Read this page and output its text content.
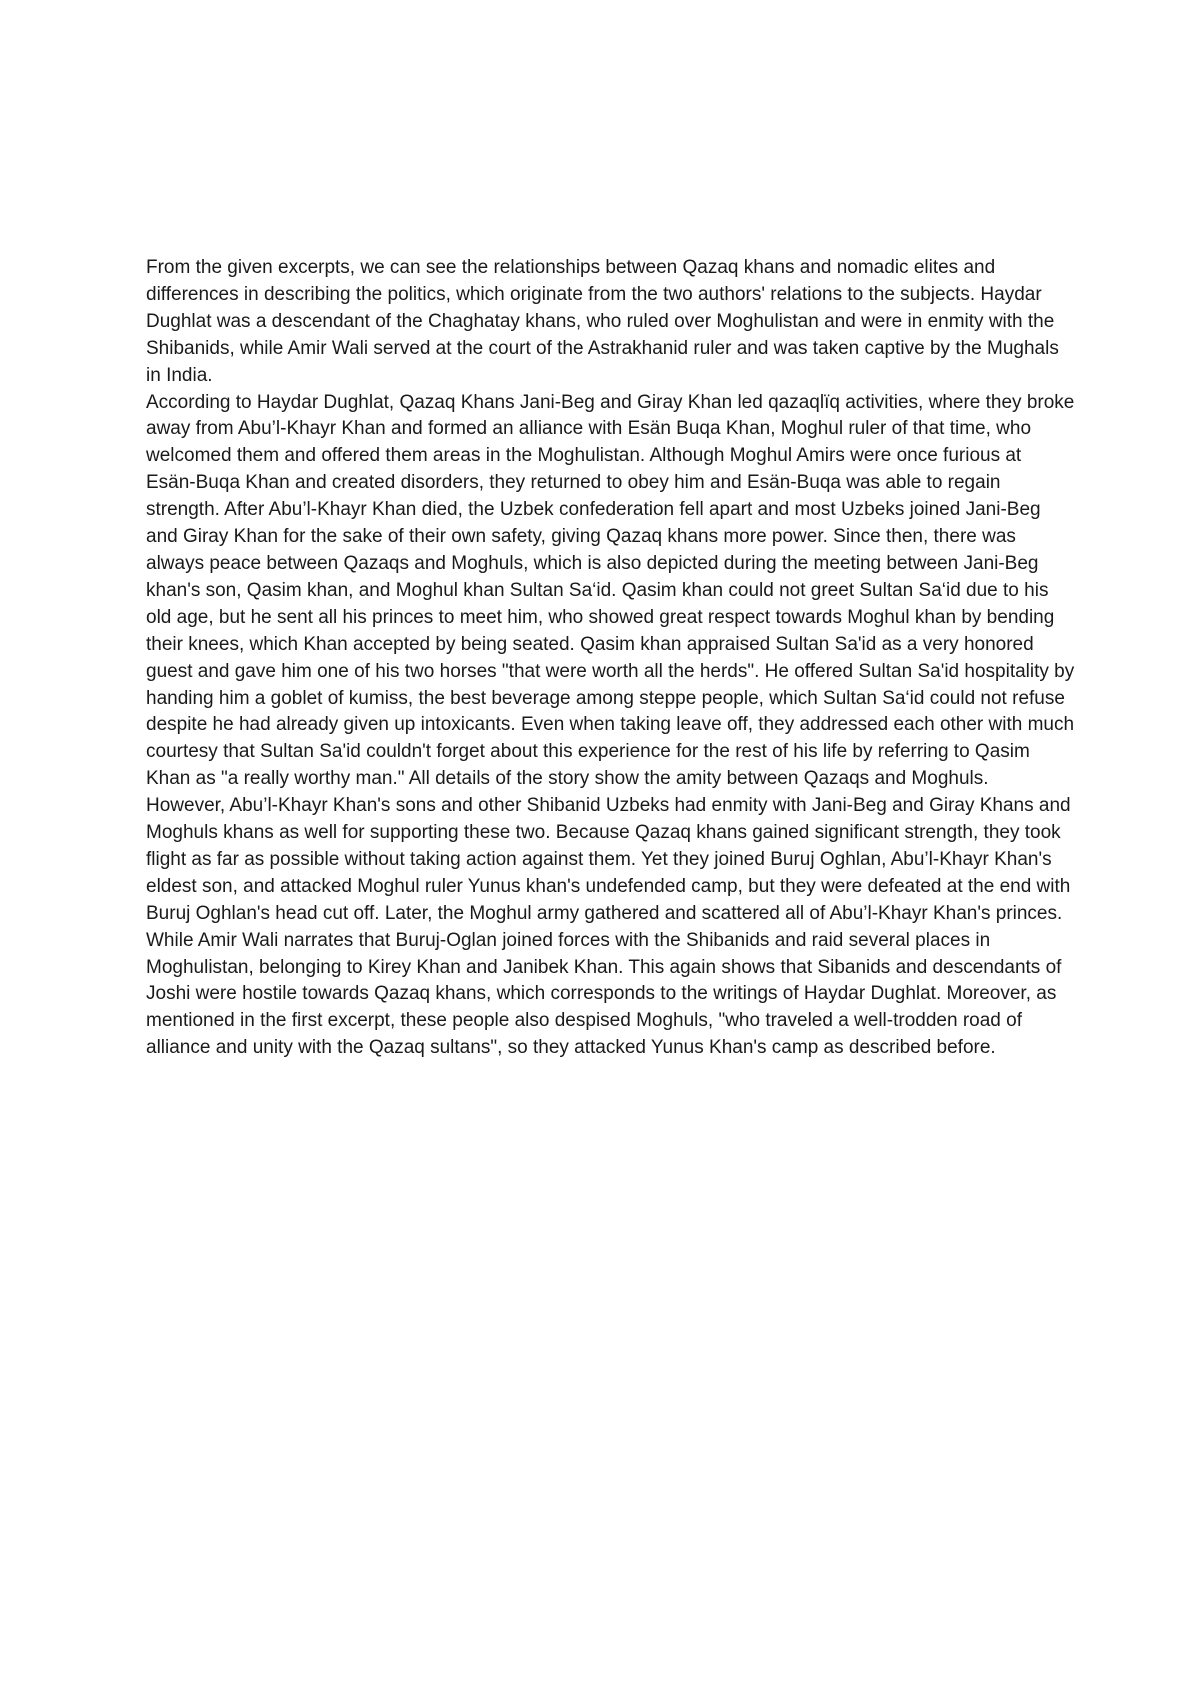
From the given excerpts, we can see the relationships between Qazaq khans and nomadic elites and differences in describing the politics, which originate from the two authors' relations to the subjects. Haydar Dughlat was a descendant of the Chaghatay khans, who ruled over Moghulistan and were in enmity with the Shibanids, while Amir Wali served at the court of the Astrakhanid ruler and was taken captive by the Mughals in India.

According to Haydar Dughlat, Qazaq Khans Jani-Beg and Giray Khan led qazaqlïq activities, where they broke away from Abu’l-Khayr Khan and formed an alliance with Esän Buqa Khan, Moghul ruler of that time, who welcomed them and offered them areas in the Moghulistan. Although Moghul Amirs were once furious at Esän-Buqa Khan and created disorders, they returned to obey him and Esän-Buqa was able to regain strength. After Abu’l-Khayr Khan died, the Uzbek confederation fell apart and most Uzbeks joined Jani-Beg and Giray Khan for the sake of their own safety, giving Qazaq khans more power. Since then, there was always peace between Qazaqs and Moghuls, which is also depicted during the meeting between Jani-Beg khan's son, Qasim khan, and Moghul khan Sultan Sa‘id. Qasim khan could not greet Sultan Sa‘id due to his old age, but he sent all his princes to meet him, who showed great respect towards Moghul khan by bending their knees, which Khan accepted by being seated. Qasim khan appraised Sultan Sa'id as a very honored guest and gave him one of his two horses "that were worth all the herds". He offered Sultan Sa'id hospitality by handing him a goblet of kumiss, the best beverage among steppe people, which Sultan Sa‘id could not refuse despite he had already given up intoxicants. Even when taking leave off, they addressed each other with much courtesy that Sultan Sa'id couldn't forget about this experience for the rest of his life by referring to Qasim Khan as "a really worthy man." All details of the story show the amity between Qazaqs and Moghuls.

However, Abu’l-Khayr Khan's sons and other Shibanid Uzbeks had enmity with Jani-Beg and Giray Khans and Moghuls khans as well for supporting these two. Because Qazaq khans gained significant strength, they took flight as far as possible without taking action against them. Yet they joined Buruj Oghlan, Abu’l-Khayr Khan's eldest son, and attacked Moghul ruler Yunus khan's undefended camp, but they were defeated at the end with Buruj Oghlan's head cut off. Later, the Moghul army gathered and scattered all of Abu’l-Khayr Khan's princes.

While Amir Wali narrates that Buruj-Oglan joined forces with the Shibanids and raid several places in Moghulistan, belonging to Kirey Khan and Janibek Khan. This again shows that Sibanids and descendants of Joshi were hostile towards Qazaq khans, which corresponds to the writings of Haydar Dughlat. Moreover, as mentioned in the first excerpt, these people also despised Moghuls, "who traveled a well-trodden road of alliance and unity with the Qazaq sultans", so they attacked Yunus Khan's camp as described before.
